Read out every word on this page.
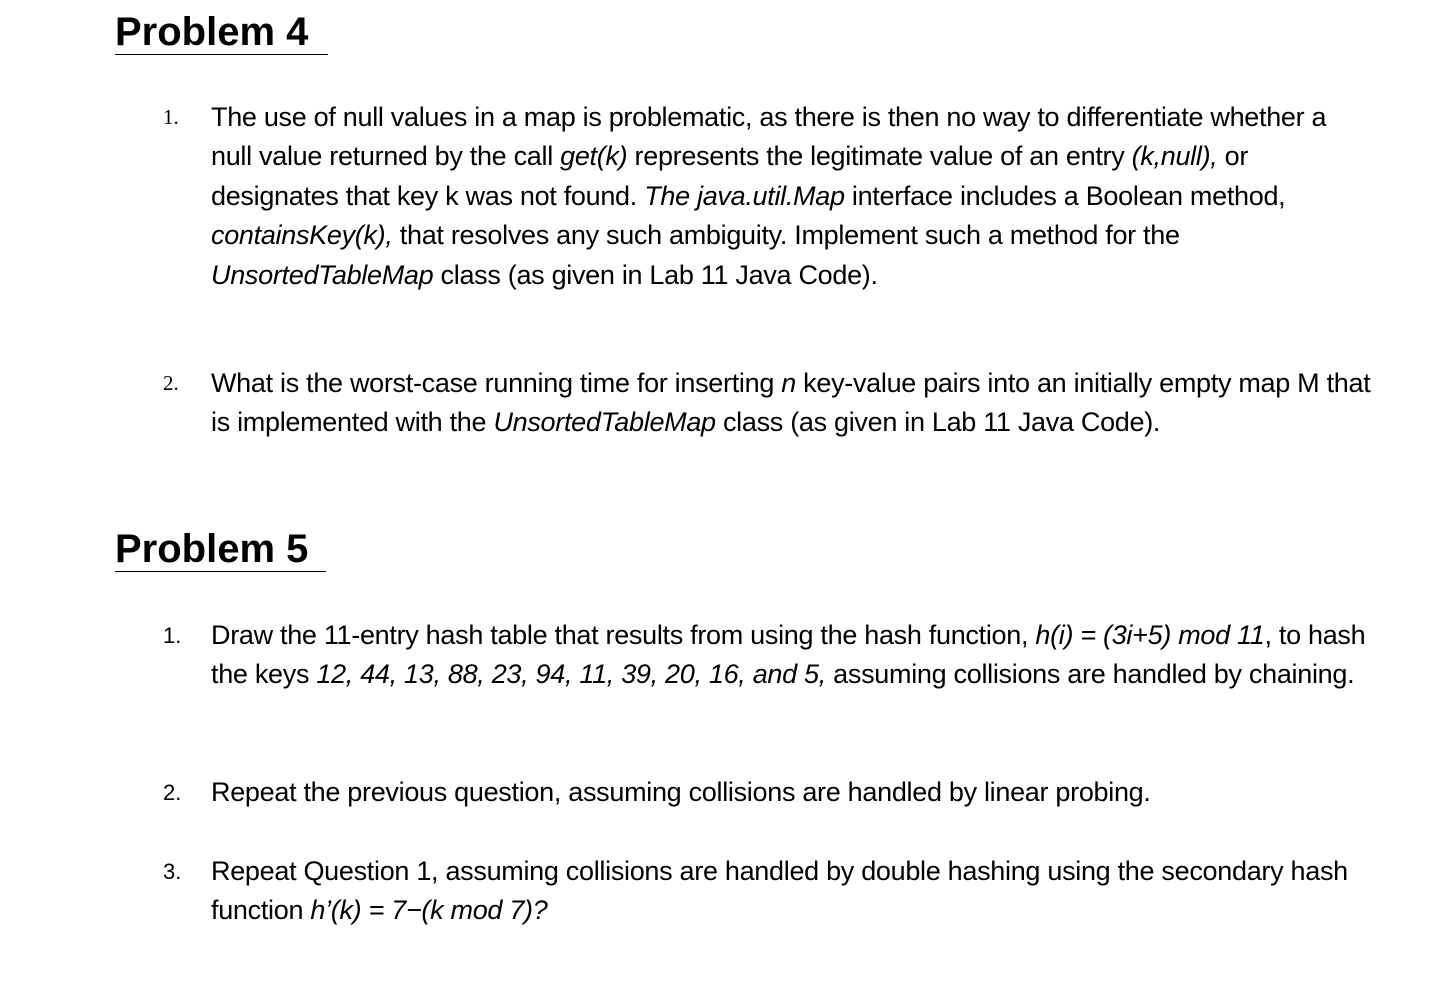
Problem 4
1. The use of null values in a map is problematic, as there is then no way to differentiate whether a null value returned by the call get(k) represents the legitimate value of an entry (k,null), or designates that key k was not found. The java.util.Map interface includes a Boolean method, containsKey(k), that resolves any such ambiguity. Implement such a method for the UnsortedTableMap class (as given in Lab 11 Java Code).
2. What is the worst-case running time for inserting n key-value pairs into an initially empty map M that is implemented with the UnsortedTableMap class (as given in Lab 11 Java Code).
Problem 5
1. Draw the 11-entry hash table that results from using the hash function, h(i) = (3i+5) mod 11, to hash the keys 12, 44, 13, 88, 23, 94, 11, 39, 20, 16, and 5, assuming collisions are handled by chaining.
2. Repeat the previous question, assuming collisions are handled by linear probing.
3. Repeat Question 1, assuming collisions are handled by double hashing using the secondary hash function h’(k) = 7−(k mod 7)?
